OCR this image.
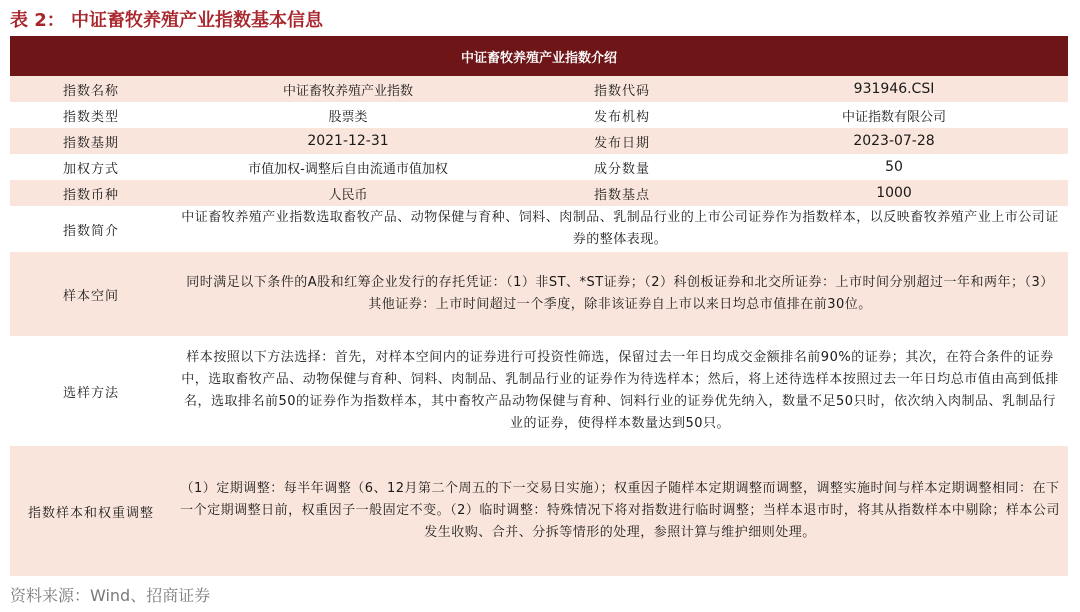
表 2： 中证畜牧养殖产业指数基本信息
中证畜牧养殖产业指数介绍			
指数名称	中证畜牧养殖产业指数	指数代码	931946.CSI
指数类型	股票类	发布机构	中证指数有限公司
指数基期	2021-12-31	发布日期	2023-07-28
加权方式	市值加权-调整后自由流通市值加权	成分数量	50
指数币种	人民币	指数基点	1000
指数简介	中证畜牧养殖产业指数选取畜牧产品、动物保健与育种、饲料、肉制品、乳制品行业的上市公司证券作为指数样本，以反映畜牧养殖产业上市公司证券的整体表现。		
样本空间	同时满足以下条件的A股和红筹企业发行的存托凭证：（1）非ST、*ST证券；（2）科创板证券和北交所证券：上市时间分别超过一年和两年；（3）其他证券：上市时间超过一个季度，除非该证券自上市以来日均总市值排在前30位。		
选样方法	样本按照以下方法选择：首先，对样本空间内的证券进行可投资性筛选，保留过去一年日均成交金额排名前90%的证券；其次，在符合条件的证券中，选取畜牧产品、动物保健与育种、饲料、肉制品、乳制品行业的证券作为待选样本；然后，将上述待选样本按照过去一年日均总市值由高到低排名，选取排名前50的证券作为指数样本，其中畜牧产品动物保健与育种、饲料行业的证券优先纳入，数量不足50只时，依次纳入肉制品、乳制品行业的证券，使得样本数量达到50只。		
指数样本和权重调整	（1）定期调整：每半年调整（6、12月第二个周五的下一交易日实施）；权重因子随样本定期调整而调整，调整实施时间与样本定期调整相同：在下一个定期调整日前，权重因子一般固定不变。（2）临时调整：特殊情况下将对指数进行临时调整；当样本退市时，将其从指数样本中剔除；样本公司发生收购、合并、分拆等情形的处理，参照计算与维护细则处理。		
资料来源：Wind、招商证券
